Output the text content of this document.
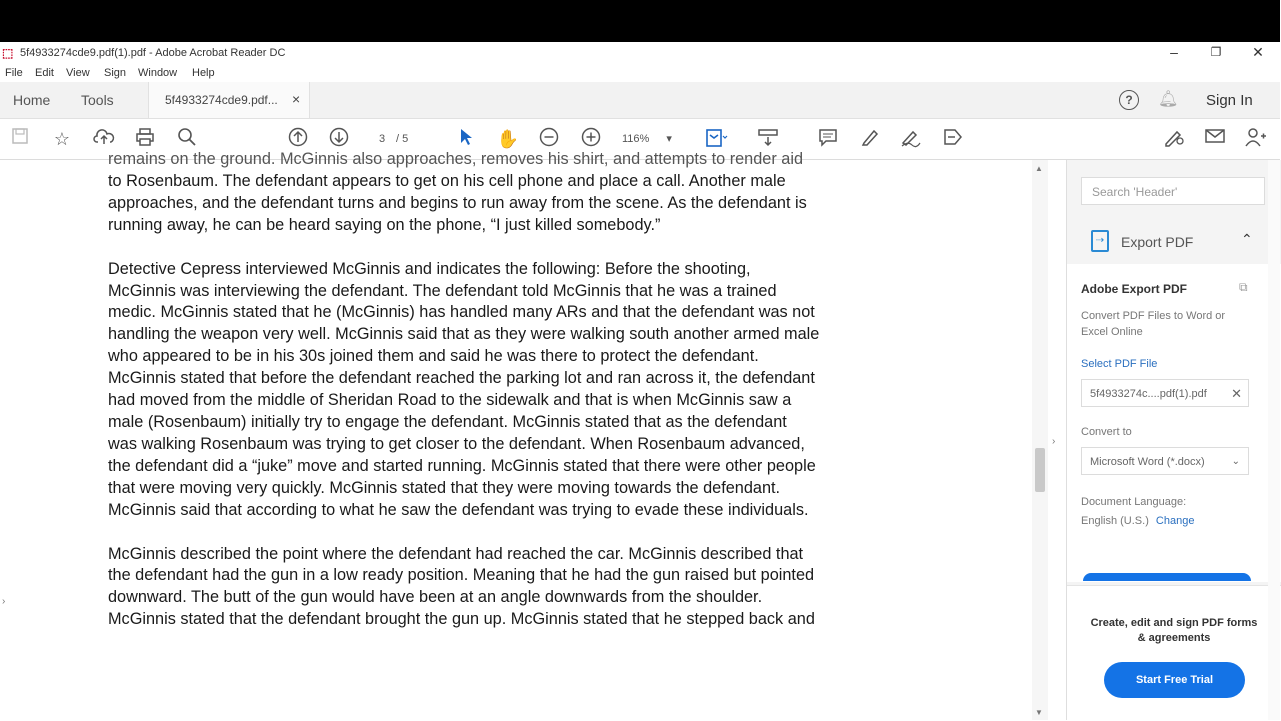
⬚ 5f4933274cde9.pdf(1).pdf - Adobe Acrobat Reader DC	–	❐	✕
File Edit View Sign Window Help
Home Tools	5f4933274cde9.pdf... ×	?	🔔︎ Sign In
☆	3 / 5	✋	116% ▾
remains on the ground. McGinnis also approaches, removes his shirt, and attempts to render aid
to Rosenbaum. The defendant appears to get on his cell phone and place a call. Another male
approaches, and the defendant turns and begins to run away from the scene. As the defendant is
running away, he can be heard saying on the phone, “I just killed somebody.”
Detective Cepress interviewed McGinnis and indicates the following: Before the shooting,
McGinnis was interviewing the defendant. The defendant told McGinnis that he was a trained
medic. McGinnis stated that he (McGinnis) has handled many ARs and that the defendant was not
handling the weapon very well. McGinnis said that as they were walking south another armed male
who appeared to be in his 30s joined them and said he was there to protect the defendant.
McGinnis stated that before the defendant reached the parking lot and ran across it, the defendant
had moved from the middle of Sheridan Road to the sidewalk and that is when McGinnis saw a
male (Rosenbaum) initially try to engage the defendant. McGinnis stated that as the defendant
was walking Rosenbaum was trying to get closer to the defendant. When Rosenbaum advanced,
the defendant did a “juke” move and started running. McGinnis stated that there were other people
that were moving very quickly. McGinnis stated that they were moving towards the defendant.
McGinnis said that according to what he saw the defendant was trying to evade these individuals.
McGinnis described the point where the defendant had reached the car. McGinnis described that
the defendant had the gun in a low ready position. Meaning that he had the gun raised but pointed
downward. The butt of the gun would have been at an angle downwards from the shoulder.
McGinnis stated that the defendant brought the gun up. McGinnis stated that he stepped back and
›
▲
▼
›
Search 'Header'
⇢	Export PDF	⌃
Adobe Export PDF	⧉
Convert PDF Files to Word or Excel Online
Select PDF File
5f4933274c....pdf(1).pdf ✕
Convert to
Microsoft Word (*.docx)	⌄
Document Language:
English (U.S.) Change
Create, edit and sign PDF forms & agreements
Start Free Trial
